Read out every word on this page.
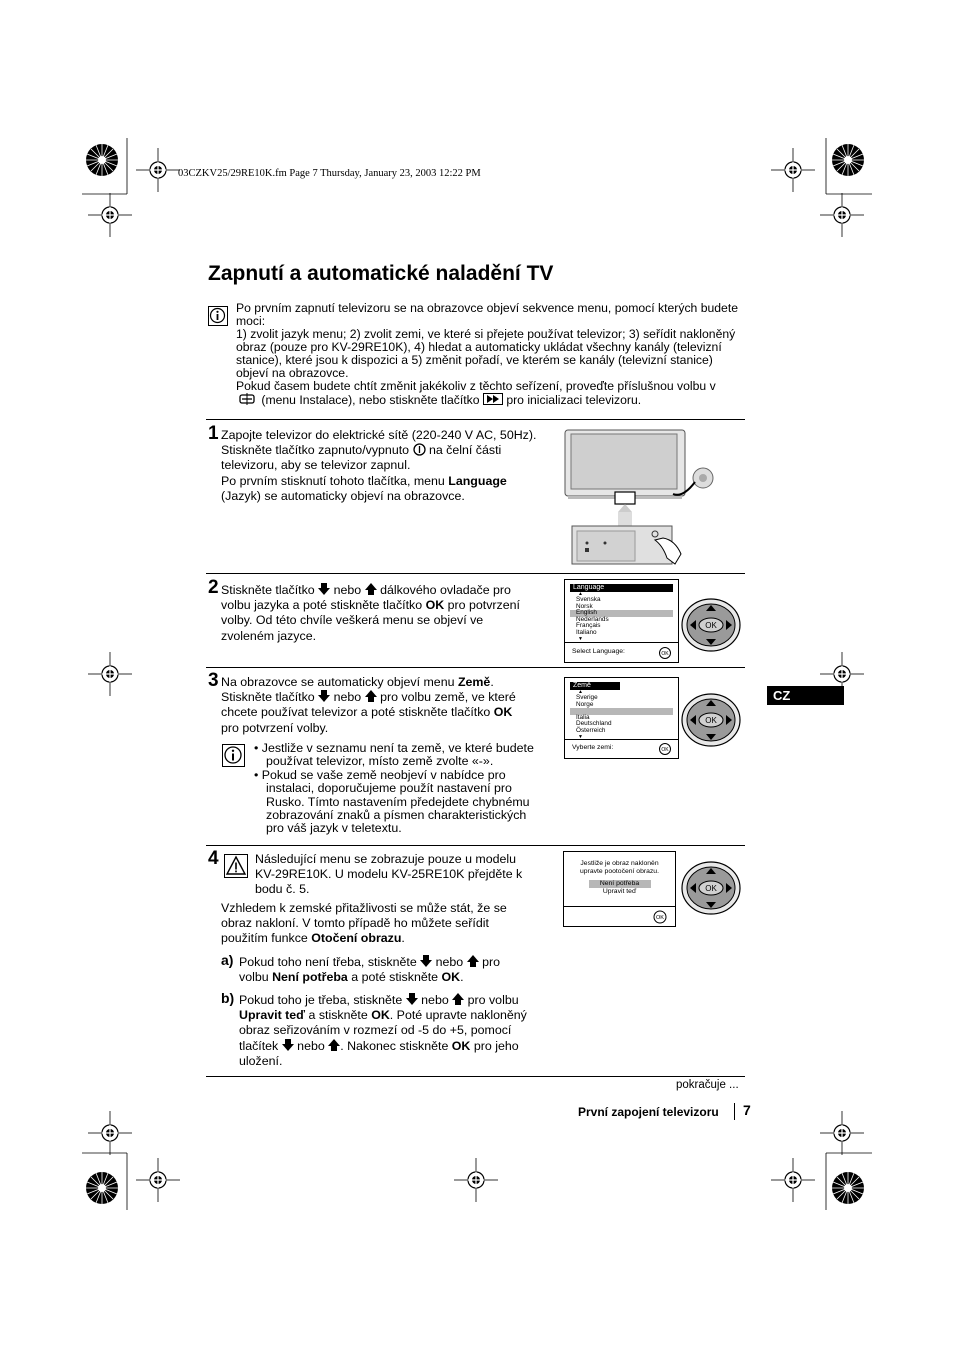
03CZKV25/29RE10K.fm Page 7 Thursday, January 23, 2003 12:22 PM
Zapnutí a automatické naladění TV

Po prvním zapnutí televizoru se na obrazovce objeví sekvence menu, pomocí kterých budete moci:

1) zvolit jazyk menu; 2) zvolit zemi, ve které si přejete používat televizor; 3) seřídit nakloněný obraz (pouze pro KV-29RE10K), 4) hledat a automaticky ukládat všechny kanály (televizní stanice), které jsou k dispozici a 5) změnit pořadí, ve kterém se kanály (televizní stanice) objeví na obrazovce.

Pokud časem budete chtít změnit jakékoliv z těchto seřízení, proveďte příslušnou volbu v
(menu Instalace), nebo stiskněte tlačítko pro inicializaci televizoru.

1 Zapojte televizor do elektrické sítě (220-240 V AC, 50Hz).

Stiskněte tlačítko zapnuto/vypnuto na čelní části

televizoru, aby se televizor zapnul.

Po prvním stisknutí tohoto tlačítka, menu Language

(Jazyk) se automaticky objeví na obrazovce.

2 Stiskněte tlačítko nebo dálkového ovladače pro

volbu jazyka a poté stiskněte tlačítko OK pro potvrzení

volby. Od této chvíle veškerá menu se objeví ve

zvoleném jazyce.

Language
▲
Svenska
Norsk
English
Nederlands
Français
Italiano
▼
Select Language:	OK
3 Na obrazovce se automaticky objeví menu Země.

Stiskněte tlačítko nebo pro volbu země, ve které

chcete používat televizor a poté stiskněte tlačítko OK

pro potvrzení volby.

• Jestliže v seznamu není ta země, ve které budete používat televizor, místo země zvolte «-».

• Pokud se vaše země neobjeví v nabídce pro instalaci, doporučujeme použít nastavení pro Rusko. Tímto nastavením předejdete chybnému zobrazování znaků a písmen charakteristických pro váš jazyk v teletextu.

Země
▲
Sverige
Norge
Italia
Deutschland
Österreich
▼
Vyberte zemi:	OK
CZ
4	Následující menu se zobrazuje pouze u modelu

KV-29RE10K. U modelu KV-25RE10K přejděte k

bodu č. 5.

Vzhledem k zemské přitažlivosti se může stát, že se

obraz nakloní. V tomto případě ho můžete seřídit

použitím funkce Otočení obrazu.

a) Pokud toho není třeba, stiskněte nebo pro

volbu Není potřeba a poté stiskněte OK.

b) Pokud toho je třeba, stiskněte nebo pro volbu

Upravit teď a stiskněte OK. Poté upravte nakloněný

obraz seřizováním v rozmezí od -5 do +5, pomocí

tlačítek nebo . Nakonec stiskněte OK pro jeho

uložení.

Jestliže je obraz nakloněn
upravte pootočení obrazu.
Není potřeba
Upravit teď
OK
OK
OK
OK
pokračuje ...
První zapojení televizoru 7
